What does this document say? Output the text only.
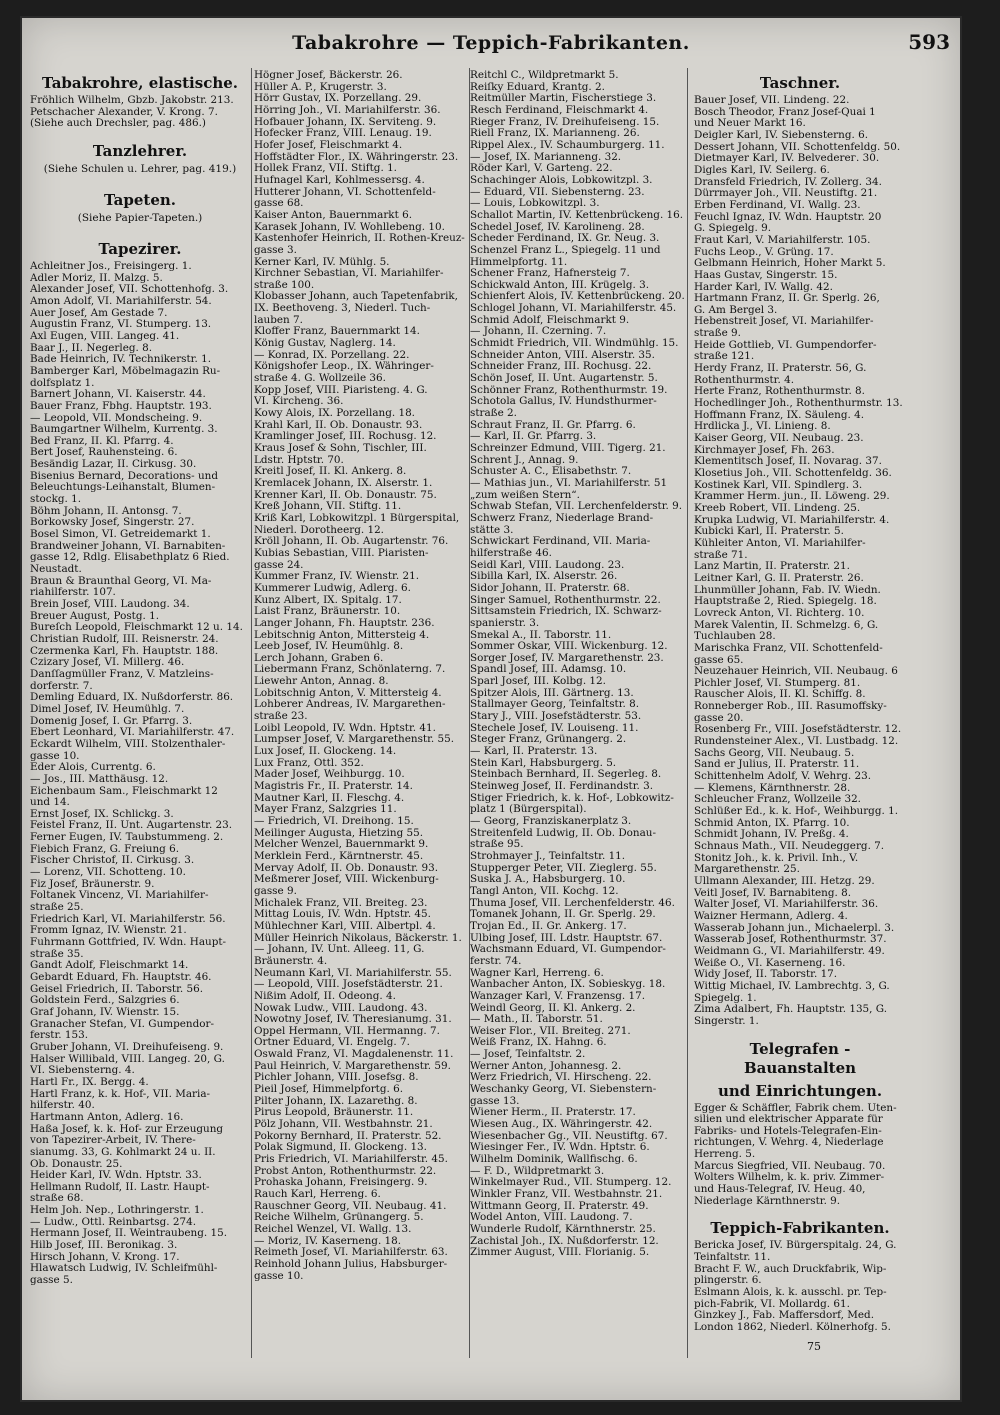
Tabakrohre — Teppich-Fabrikanten.	593
Tabakrohre, elastische.
Fröhlich Wilhelm, Gbzb. Jakobstr. 213.
Petschacher Alexander, V. Krong. 7.
(Siehe auch Drechsler, pag. 486.)
Tanzlehrer.
(Siehe Schulen u. Lehrer, pag. 419.)
Tapeten.
(Siehe Papier-Tapeten.)
Tapezirer.
Achleitner Jos., Freisingerg. 1.
Adler Moriz, II. Malzg. 5.
Alexander Josef, VII. Schottenhofg. 3.
Amon Adolf, VI. Mariahilferstr. 54.
Auer Josef, Am Gestade 7.
Augustin Franz, VI. Stumperg. 13.
Axl Eugen, VIII. Langeg. 41.
Baar J., II. Negerleg. 8.
Bade Heinrich, IV. Technikerstr. 1.
Bamberger Karl, Möbelmagazin Ru-
dolfsplatz 1.
Barnert Johann, VI. Kaiserstr. 44.
Bauer Franz, Fbhg. Hauptstr. 193.
— Leopold, VII. Mondscheing. 9.
Baumgartner Wilhelm, Kurrentg. 3.
Bed Franz, II. Kl. Pfarrg. 4.
Bert Josef, Rauhensteing. 6.
Besändig Lazar, II. Cirkusg. 30.
Bisenius Bernard, Decorations- und
Beleuchtungs-Leihanstalt, Blumen-
stockg. 1.
Böhm Johann, II. Antonsg. 7.
Borkowsky Josef, Singerstr. 27.
Bosel Simon, VI. Getreidemarkt 1.
Brandweiner Johann, VI. Barnabiten-
gasse 12, Rdlg. Elisabethplatz 6 Ried.
Neustadt.
Braun & Braunthal Georg, VI. Ma-
riahilferstr. 107.
Brein Josef, VIII. Laudong. 34.
Breuer August, Postg. 1.
Bureſch Leopold, Fleischmarkt 12 u. 14.
Christian Rudolf, III. Reisnerstr. 24.
Czermenka Karl, Fh. Hauptstr. 188.
Czizary Josef, VI. Millerg. 46.
Danſſagmüller Franz, V. Matzleins-
dorferstr. 7.
Demling Eduard, IX. Nußdorferstr. 86.
Dimel Josef, IV. Heumühlg. 7.
Domenig Josef, I. Gr. Pfarrg. 3.
Ebert Leonhard, VI. Mariahilferstr. 47.
Eckardt Wilhelm, VIII. Stolzenthaler-
gasse 10.
Eder Alois, Currentg. 6.
— Jos., III. Matthäusg. 12.
Eichenbaum Sam., Fleischmarkt 12
und 14.
Ernst Josef, IX. Schlickg. 3.
Feistel Franz, II. Unt. Augartenstr. 23.
Ferner Eugen, IV. Taubstummeng. 2.
Fiebich Franz, G. Freiung 6.
Fischer Christof, II. Cirkusg. 3.
— Lorenz, VII. Schotteng. 10.
Fiz Josef, Bräunerstr. 9.
Foltanek Vincenz, VI. Mariahilfer-
straße 25.
Friedrich Karl, VI. Mariahilferstr. 56.
Fromm Ignaz, IV. Wienstr. 21.
Fuhrmann Gottfried, IV. Wdn. Haupt-
straße 35.
Gandt Adolf, Fleischmarkt 14.
Gebardt Eduard, Fh. Hauptstr. 46.
Geisel Friedrich, II. Taborstr. 56.
Goldstein Ferd., Salzgries 6.
Graf Johann, IV. Wienstr. 15.
Granacher Stefan, VI. Gumpendor-
ferstr. 153.
Gruber Johann, VI. Dreihufeiseng. 9.
Halser Willibald, VIII. Langeg. 20, G.
VI. Siebensterng. 4.
Hartl Fr., IX. Bergg. 4.
Hartl Franz, k. k. Hof-, VII. Maria-
hilferstr. 40.
Hartmann Anton, Adlerg. 16.
Haßa Josef, k. k. Hof- zur Erzeugung
von Tapezirer-Arbeit, IV. There-
sianumg. 33, G. Kohlmarkt 24 u. II.
Ob. Donaustr. 25.
Heider Karl, IV. Wdn. Hptstr. 33.
Hellmann Rudolf, II. Lastr. Haupt-
straße 68.
Helm Joh. Nep., Lothringerstr. 1.
— Ludw., Ottl. Reinbartsg. 274.
Hermann Josef, II. Weintraubeng. 15.
Hilb Josef, III. Beronikag. 3.
Hirsch Johann, V. Krong. 17.
Hlawatsch Ludwig, IV. Schleifmühl-
gasse 5.
Högner Josef, Bäckerstr. 26.
Hüller A. P., Krugerstr. 3.
Hörr Gustav, IX. Porzellang. 29.
Hörring Joh., VI. Mariahilferstr. 36.
Hofbauer Johann, IX. Serviteng. 9.
Hofecker Franz, VIII. Lenaug. 19.
Hofer Josef, Fleischmarkt 4.
Hoffstädter Flor., IX. Währingerstr. 23.
Hollek Franz, VII. Stiftg. 1.
Hufnagel Karl, Kohlmessersg. 4.
Hutterer Johann, VI. Schottenfeld-
gasse 68.
Kaiser Anton, Bauernmarkt 6.
Karasek Johann, IV. Wohllebeng. 10.
Kastenhofer Heinrich, II. Rothen-Kreuz-
gasse 3.
Kerner Karl, IV. Mühlg. 5.
Kirchner Sebastian, VI. Mariahilfer-
straße 100.
Klobasser Johann, auch Tapetenfabrik,
IX. Beethoveng. 3, Niederl. Tuch-
lauben 7.
Kloffer Franz, Bauernmarkt 14.
König Gustav, Naglerg. 14.
— Konrad, IX. Porzellang. 22.
Königshofer Leop., IX. Währinger-
straße 4. G. Wollzeile 36.
Kopp Josef, VIII. Piaristeng. 4. G.
VI. Kircheng. 36.
Kowy Alois, IX. Porzellang. 18.
Krahl Karl, II. Ob. Donaustr. 93.
Kramlinger Josef, III. Rochusg. 12.
Kraus Josef & Sohn, Tischler, III.
Ldstr. Hptstr. 70.
Kreitl Josef, II. Kl. Ankerg. 8.
Kremlacek Johann, IX. Alserstr. 1.
Krenner Karl, II. Ob. Donaustr. 75.
Kreß Johann, VII. Stiftg. 11.
Kriß Karl, Lobkowitzpl. 1 Bürgerspital,
Niederl. Dorotheerg. 12.
Kröll Johann, II. Ob. Augartenstr. 76.
Kubias Sebastian, VIII. Piaristen-
gasse 24.
Kummer Franz, IV. Wienstr. 21.
Kummerer Ludwig, Adlerg. 6.
Kunz Albert, IX. Spitalg. 17.
Laist Franz, Bräunerstr. 10.
Langer Johann, Fh. Hauptstr. 236.
Lebitschnig Anton, Mittersteig 4.
Leeb Josef, IV. Heumühlg. 8.
Lerch Johann, Graben 6.
Liebermann Franz, Schönlaterng. 7.
Liewehr Anton, Annag. 8.
Lobitschnig Anton, V. Mittersteig 4.
Lohberer Andreas, IV. Margarethen-
straße 23.
Loibl Leopold, IV. Wdn. Hptstr. 41.
Lumpser Josef, V. Margarethenstr. 55.
Lux Josef, II. Glockeng. 14.
Lux Franz, Ottl. 352.
Mader Josef, Weihburgg. 10.
Magistris Fr., II. Praterstr. 14.
Mautner Karl, II. Fleschg. 4.
Mayer Franz, Salzgries 11.
— Friedrich, VI. Dreihong. 15.
Meilinger Augusta, Hietzing 55.
Melcher Wenzel, Bauernmarkt 9.
Merklein Ferd., Kärntnerstr. 45.
Mervay Adolf, II. Ob. Donaustr. 93.
Meßmerer Josef, VIII. Wickenburg-
gasse 9.
Michalek Franz, VII. Breiteg. 23.
Mittag Louis, IV. Wdn. Hptstr. 45.
Mühlechner Karl, VIII. Albertpl. 4.
Müller Heinrich Nikolaus, Bäckerstr. 1.
— Johann, IV. Unt. Alleeg. 11, G.
Bräunerstr. 4.
Neumann Karl, VI. Mariahilferstr. 55.
— Leopold, VIII. Josefstädterstr. 21.
Nißim Adolf, II. Odeong. 4.
Nowak Ludw., VIII. Laudong. 43.
Nowotny Josef, IV. Theresianumg. 31.
Oppel Hermann, VII. Hermanng. 7.
Ortner Eduard, VI. Engelg. 7.
Oswald Franz, VI. Magdalenenstr. 11.
Paul Heinrich, V. Margarethenstr. 59.
Pichler Johann, VIII. Josefsg. 8.
Pieil Josef, Himmelpfortg. 6.
Pilter Johann, IX. Lazarethg. 8.
Pirus Leopold, Bräunerstr. 11.
Pölz Johann, VII. Westbahnstr. 21.
Pokorny Bernhard, II. Praterstr. 52.
Polak Sigmund, II. Glockeng. 13.
Pris Friedrich, VI. Mariahilferstr. 45.
Probst Anton, Rothenthurmstr. 22.
Prohaska Johann, Freisingerg. 9.
Rauch Karl, Herreng. 6.
Rauschner Georg, VII. Neubaug. 41.
Reiche Wilhelm, Grünangerg. 5.
Reichel Wenzel, VI. Wallg. 13.
— Moriz, IV. Kaserneng. 18.
Reimeth Josef, VI. Mariahilferstr. 63.
Reinhold Johann Julius, Habsburger-
gasse 10.
Reitchl C., Wildpretmarkt 5.
Reiſky Eduard, Krantg. 2.
Reitmüller Martin, Fischerstiege 3.
Resch Ferdinand, Fleischmarkt 4.
Rieger Franz, IV. Dreihufeiseng. 15.
Riell Franz, IX. Marianneng. 26.
Rippel Alex., IV. Schaumburgerg. 11.
— Josef, IX. Marianneng. 32.
Röder Karl, V. Garteng. 22.
Schachinger Alois, Lobkowitzpl. 3.
— Eduard, VII. Siebensterng. 23.
— Louis, Lobkowitzpl. 3.
Schallot Martin, IV. Kettenbrückeng. 16.
Schedel Josef, IV. Karolineng. 28.
Scheder Ferdinand, IX. Gr. Neug. 3.
Schenzel Franz L., Spiegelg. 11 und
Himmelpfortg. 11.
Schener Franz, Hafnersteig 7.
Schickwald Anton, III. Krügelg. 3.
Schienfert Alois, IV. Kettenbrückeng. 20.
Schlogel Johann, VI. Mariahilferstr. 45.
Schmid Adolf, Fleischmarkt 9.
— Johann, II. Czerning. 7.
Schmidt Friedrich, VII. Windmühlg. 15.
Schneider Anton, VIII. Alserstr. 35.
Schneider Franz, III. Rochusg. 22.
Schön Josef, II. Unt. Augartenstr. 5.
Schönner Franz, Rothenthurmstr. 19.
Schotola Gallus, IV. Hundsthurmer-
straße 2.
Schraut Franz, II. Gr. Pfarrg. 6.
— Karl, II. Gr. Pfarrg. 3.
Schreinzer Edmund, VIII. Tigerg. 21.
Schrent J., Annag. 9.
Schuster A. C., Elisabethstr. 7.
— Mathias jun., VI. Mariahilferstr. 51
„zum weißen Stern“.
Schwab Stefan, VII. Lerchenfelderstr. 9.
Schwerz Franz, Niederlage Brand-
stätte 3.
Schwickart Ferdinand, VII. Maria-
hilferstraße 46.
Seidl Karl, VIII. Laudong. 23.
Sibilla Karl, IX. Alserstr. 26.
Sidor Johann, II. Praterstr. 68.
Singer Samuel, Rothenthurmstr. 22.
Sittsamstein Friedrich, IX. Schwarz-
spanierstr. 3.
Smekal A., II. Taborstr. 11.
Sommer Oskar, VIII. Wickenburg. 12.
Sorger Josef, IV. Margarethenstr. 23.
Spandl Josef, III. Adamsg. 10.
Sparl Josef, III. Kolbg. 12.
Spitzer Alois, III. Gärtnerg. 13.
Stallmayer Georg, Teinfaltstr. 8.
Stary J., VIII. Josefstädterstr. 53.
Stechele Josef, IV. Louiseng. 11.
Steger Franz, Grünangerg. 2.
— Karl, II. Praterstr. 13.
Stein Karl, Habsburgerg. 5.
Steinbach Bernhard, II. Segerleg. 8.
Steinweg Josef, II. Ferdinandstr. 3.
Stiger Friedrich, k. k. Hof-, Lobkowitz-
platz 1 (Bürgerspital).
— Georg, Franziskanerplatz 3.
Streitenfeld Ludwig, II. Ob. Donau-
straße 95.
Strohmayer J., Teinfaltstr. 11.
Stupperger Peter, VII. Zieglerg. 55.
Suska J. A., Habsburgerg. 10.
Tangl Anton, VII. Kochg. 12.
Thuma Josef, VII. Lerchenfelderstr. 46.
Tomanek Johann, II. Gr. Sperlg. 29.
Trojan Ed., II. Gr. Ankerg. 17.
Ulbing Josef, III. Ldstr. Hauptstr. 67.
Wachsmann Eduard, VI. Gumpendor-
ferstr. 74.
Wagner Karl, Herreng. 6.
Wanbacher Anton, IX. Sobieskyg. 18.
Wanzager Karl, V. Franzensg. 17.
Weindl Georg, II. Kl. Ankerg. 2.
— Math., II. Taborstr. 51.
Weiser Flor., VII. Breiteg. 271.
Weiß Franz, IX. Hahng. 6.
— Josef, Teinfaltstr. 2.
Werner Anton, Johannesg. 2.
Werz Friedrich, VI. Hirscheng. 22.
Weschanky Georg, VI. Siebenstern-
gasse 13.
Wiener Herm., II. Praterstr. 17.
Wiesen Aug., IX. Währingerstr. 42.
Wiesenbacher Gg., VII. Neustiftg. 67.
Wiesinger Fer., IV. Wdn. Hptstr. 6.
Wilhelm Dominik, Wallfischg. 6.
— F. D., Wildpretmarkt 3.
Winkelmayer Rud., VII. Stumperg. 12.
Winkler Franz, VII. Westbahnstr. 21.
Wittmann Georg, II. Praterstr. 49.
Wodel Anton, VIII. Laudong. 7.
Wunderle Rudolf, Kärnthnerstr. 25.
Zachistal Joh., IX. Nußdorferstr. 12.
Zimmer August, VIII. Florianig. 5.
Taschner.
Bauer Josef, VII. Lindeng. 22.
Bosch Theodor, Franz Josef-Quai 1
und Neuer Markt 16.
Deigler Karl, IV. Siebensterng. 6.
Dessert Johann, VII. Schottenfeldg. 50.
Dietmayer Karl, IV. Belvederег. 30.
Digles Karl, IV. Seilerg. 6.
Dransfeld Friedrich, IV. Zollerg. 34.
Dürrmayer Joh., VII. Neustiftg. 21.
Erben Ferdinand, VI. Wallg. 23.
Feuchl Ignaz, IV. Wdn. Hauptstr. 20
G. Spiegelg. 9.
Fraut Karl, V. Mariahilferstr. 105.
Fuchs Leop., V. Grüng. 17.
Gelbmann Heinrich, Hoher Markt 5.
Haas Gustav, Singerstr. 15.
Harder Karl, IV. Wallg. 42.
Hartmann Franz, II. Gr. Sperlg. 26,
G. Am Bergel 3.
Hebenstreit Josef, VI. Mariahilfer-
straße 9.
Heide Gottlieb, VI. Gumpendorfer-
straße 121.
Herdy Franz, II. Praterstr. 56, G.
Rothenthurmstr. 4.
Herte Franz, Rothenthurmstr. 8.
Hochedlinger Joh., Rothenthurmstr. 13.
Hoffmann Franz, IX. Säuleng. 4.
Hrdlicka J., VI. Linieng. 8.
Kaiser Georg, VII. Neubaug. 23.
Kirchmayer Josef, Fh. 263.
Klementitsch Josef, II. Novarag. 37.
Klosetius Joh., VII. Schottenfeldg. 36.
Kostinek Karl, VII. Spindlerg. 3.
Krammer Herm. jun., II. Löweng. 29.
Kreeb Robert, VII. Lindeng. 25.
Krupka Ludwig, VI. Mariahilferstr. 4.
Kubicki Karl, II. Praterstr. 5.
Kühleiter Anton, VI. Mariahilfer-
straße 71.
Lanz Martin, II. Praterstr. 21.
Leitner Karl, G. II. Praterstr. 26.
Lhunmüller Johann, Fab. IV. Wiedn.
Hauptstraße 2, Ried. Spiegelg. 18.
Lovreck Anton, VI. Richterg. 10.
Marek Valentin, II. Schmelzg. 6, G.
Tuchlauben 28.
Marischka Franz, VII. Schottenfeld-
gasse 65.
Neuzehauer Heinrich, VII. Neubaug. 6
Pichler Josef, VI. Stumperg. 81.
Rauscher Alois, II. Kl. Schiffg. 8.
Ronneberger Rob., III. Rasumoffsky-
gasse 20.
Rosenberg Fr., VIII. Josefstädterstr. 12.
Rundensteiner Alex., VI. Lustbadg. 12.
Sachs Georg, VII. Neubaug. 5.
Sand er Julius, II. Praterstr. 11.
Schittenhelm Adolf, V. Wehrg. 23.
— Klemens, Kärnthnerstr. 28.
Schleucher Franz, Wollzeile 32.
Schlüßer Ed., k. k. Hof-, Weihburgg. 1.
Schmid Anton, IX. Pfarrg. 10.
Schmidt Johann, IV. Preßg. 4.
Schnaus Math., VII. Neudeggerg. 7.
Stonitz Joh., k. k. Privil. Inh., V.
Margarethenstr. 25.
Ullmann Alexander, III. Hetzg. 29.
Veitl Josef, IV. Barnabiteng. 8.
Walter Josef, VI. Mariahilferstr. 36.
Waizner Hermann, Adlerg. 4.
Wasserab Johann jun., Michaelerpl. 3.
Wasserab Josef, Rothenthurmstr. 37.
Weidmann G., VI. Mariahilferstr. 49.
Weiße O., VI. Kaserneng. 16.
Widy Josef, II. Taborstr. 17.
Wittig Michael, IV. Lambrechtg. 3, G.
Spiegelg. 1.
Zima Adalbert, Fh. Hauptstr. 135, G.
Singerstr. 1.
Telegrafen - Bauanstalten
und Einrichtungen.
Egger & Schäffler, Fabrik chem. Uten-
silien und elektrischer Apparate für
Fabriks- und Hotels-Telegrafen-Ein-
richtungen, V. Wehrg. 4, Niederlage
Herreng. 5.
Marcus Siegfried, VII. Neubaug. 70.
Wolters Wilhelm, k. k. priv. Zimmer-
und Haus-Telegraf, IV. Heug. 40,
Niederlage Kärnthnerstr. 9.
Teppich-Fabrikanten.
Bericka Josef, IV. Bürgerspitalg. 24, G.
Teinfaltstr. 11.
Bracht F. W., auch Druckfabrik, Wip-
plingerstr. 6.
Eslmann Alois, k. k. ausschl. pr. Tep-
pich-Fabrik, VI. Mollardg. 61.
Ginzkey J., Fab. Maffersdorf, Med.
London 1862, Niederl. Kölnerhofg. 5.
75
